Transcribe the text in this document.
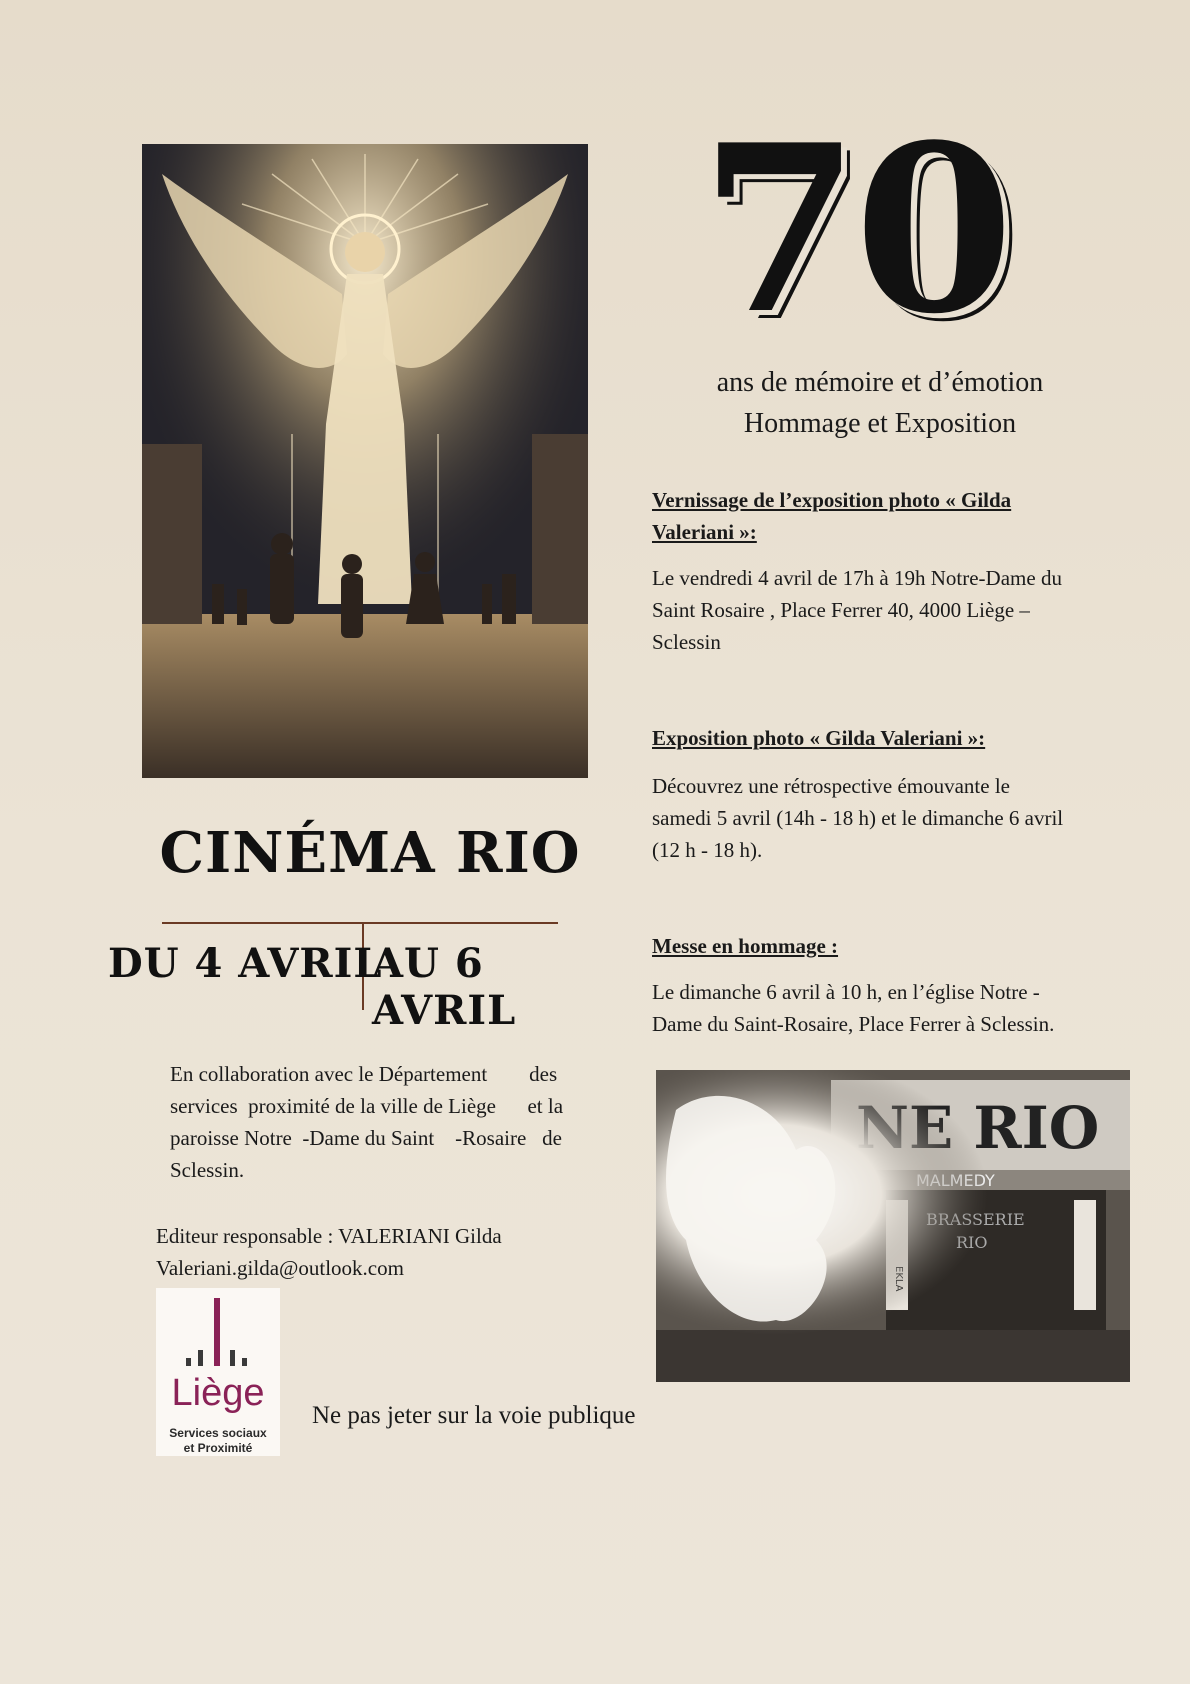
70
ans de mémoire et d’émotion
Hommage et Exposition
Vernissage de l’exposition photo « Gilda
Valeriani »:
Le vendredi 4 avril de 17h à 19h Notre-Dame du
Saint Rosaire , Place Ferrer 40, 4000 Liège –
Sclessin
Exposition photo « Gilda Valeriani »:
Découvrez une rétrospective émouvante le
samedi 5 avril (14h - 18 h) et le dimanche 6 avril
(12 h - 18 h).
Messe en hommage :
Le dimanche 6 avril à 10 h, en l’église Notre -
Dame du Saint-Rosaire, Place Ferrer à Sclessin.
CINÉMA RIO
DU 4 AVRIL
AU 6 AVRIL
En collaboration avec le Département        des
services  proximité de la ville de Liège      et la
paroisse Notre  -Dame du Saint    -Rosaire   de
Sclessin.
Editeur responsable : VALERIANI Gilda
Valeriani.gilda@outlook.com
Liège
Services sociaux
et Proximité
Ne pas jeter sur la voie publique
